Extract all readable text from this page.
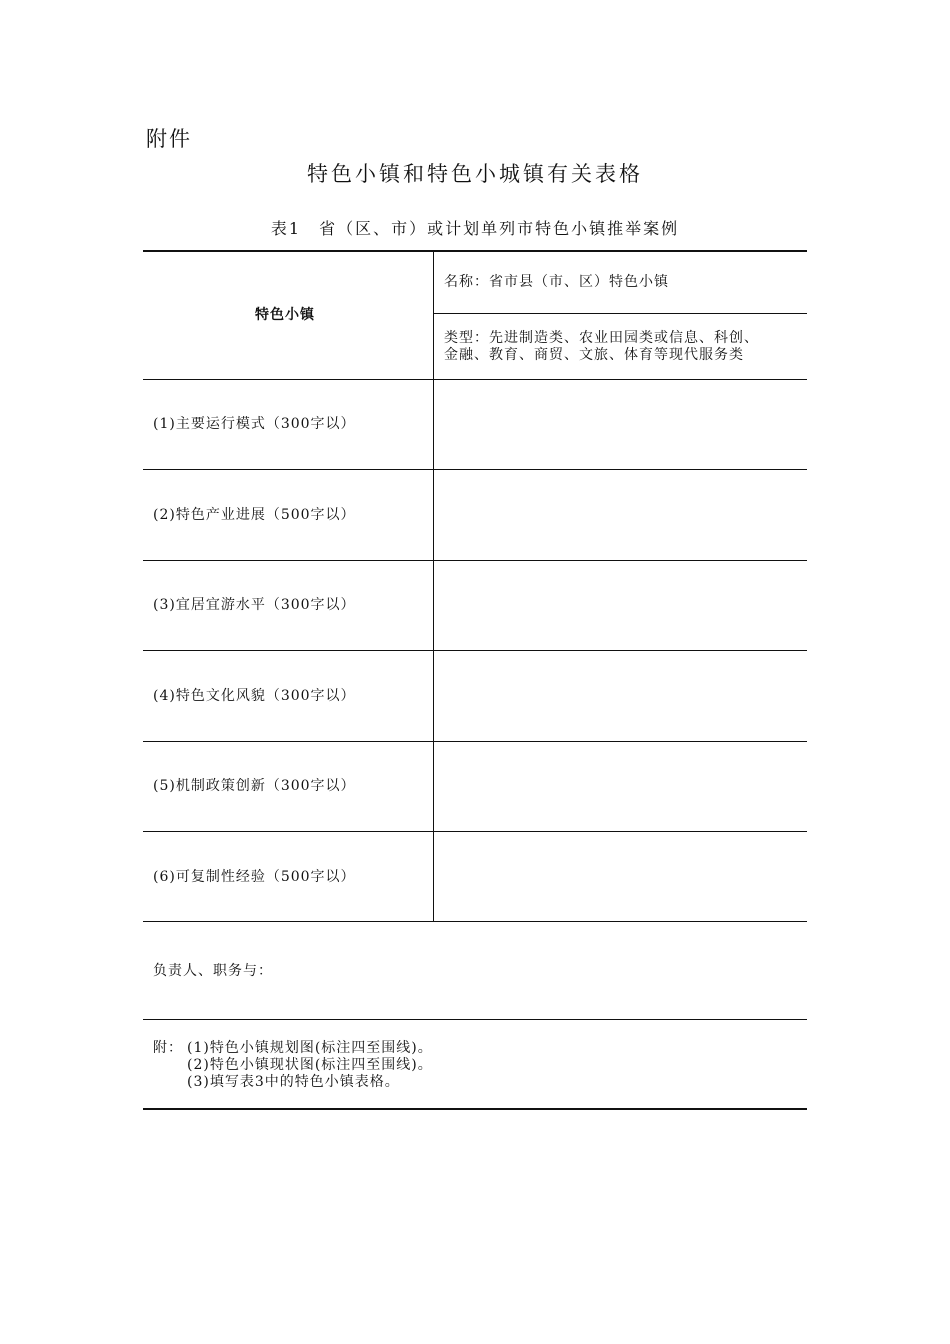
附件
特色小镇和特色小城镇有关表格
表1　省（区、市）或计划单列市特色小镇推举案例
特色小镇
名称：省市县（市、区）特色小镇
类型：先进制造类、农业田园类或信息、科创、
金融、教育、商贸、文旅、体育等现代服务类
(1)主要运行模式（300字以）
(2)特色产业进展（500字以）
(3)宜居宜游水平（300字以）
(4)特色文化风貌（300字以）
(5)机制政策创新（300字以）
(6)可复制性经验（500字以）
负责人、职务与：
附： (1)特色小镇规划图(标注四至围线)。
(2)特色小镇现状图(标注四至围线)。
(3)填写表3中的特色小镇表格。
